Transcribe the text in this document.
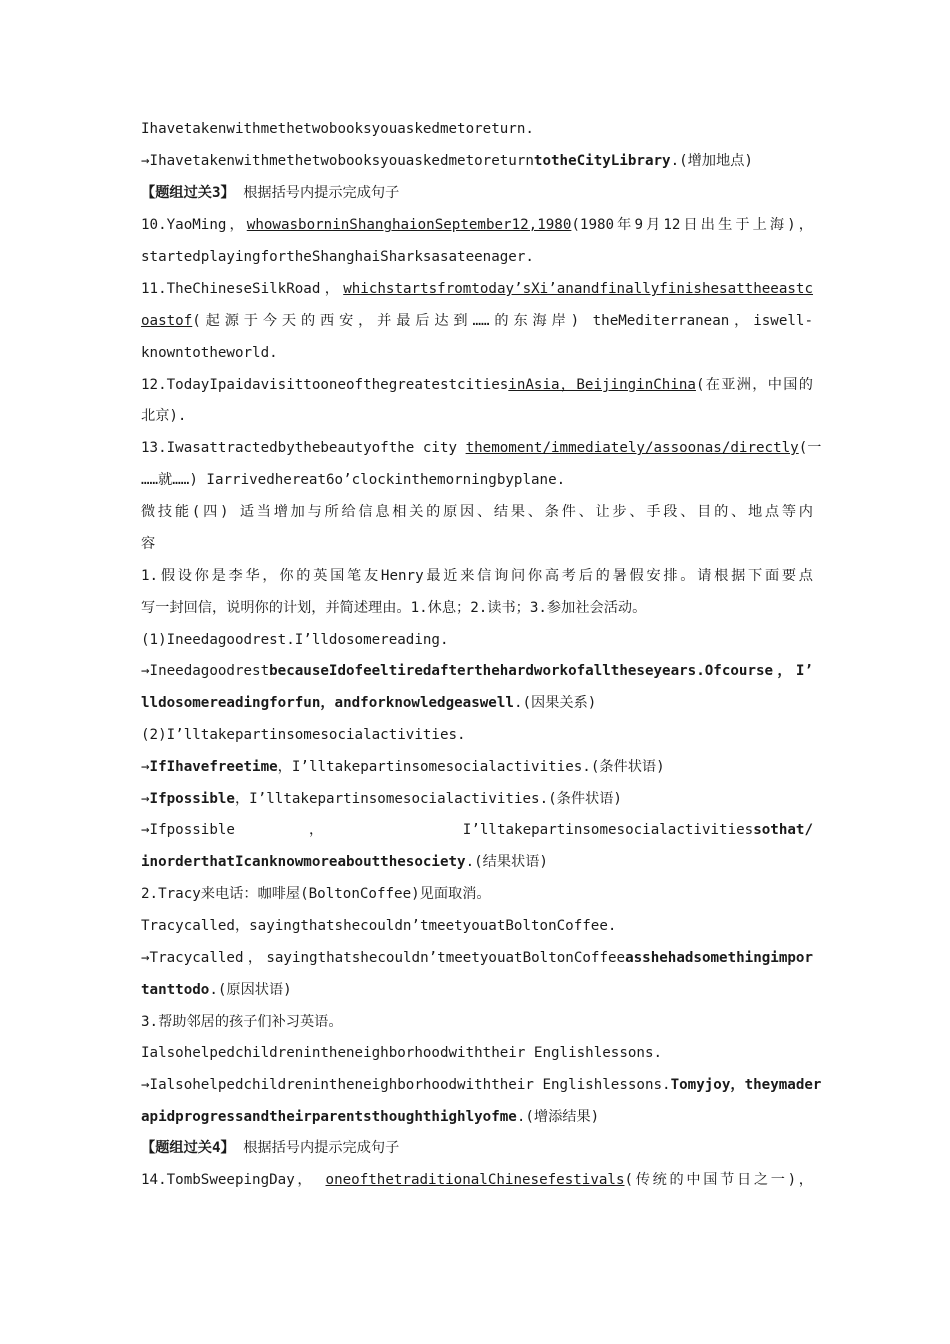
Ihavetakenwithmethetwobooksyouaskedmetoreturn.
→IhavetakenwithmethetwobooksyouaskedmetoreturntotheCityLibrary.(增加地点)
【题组过关3】 根据括号内提示完成句子
10.YaoMing，whowasborninShanghaionSeptember12,1980(1980年9月12日出生于上海)，
startedplayingfortheShanghaiSharksasateenager.
11.TheChineseSilkRoad，whichstartsfromtoday’sXi’anandfinallyfinishesattheeastc
oastof(起源于今天的西安，并最后达到……的东海岸) theMediterranean，iswell-
knowntotheworld.
12.TodayIpaidavisittooneofthegreatestcitiesinAsia，BeijinginChina(在亚洲，中国的
北京).
13.Iwasattractedbythebeautyofthe city themoment/immediately/assoonas/directly(一
……就……) Iarrivedhereat6o’clockinthemorningbyplane.
微技能(四) 适当增加与所给信息相关的原因、结果、条件、让步、手段、目的、地点等内
容
1.假设你是李华，你的英国笔友Henry最近来信询问你高考后的暑假安排。请根据下面要点
写一封回信，说明你的计划，并简述理由。1.休息；2.读书；3.参加社会活动。
(1)Ineedagoodrest.I’lldosomereading.
→IneedagoodrestbecauseIdofeeltiredafterthehardworkofalltheseyears.Ofcourse，I’
lldosomereadingforfun，andforknowledgeaswell.(因果关系)
(2)I’lltakepartinsomesocialactivities.
→IfIhavefreetime，I’lltakepartinsomesocialactivities.(条件状语)
→Ifpossible，I’lltakepartinsomesocialactivities.(条件状语)
→Ifpossible ， I’lltakepartinsomesocialactivitiessothat/
inorderthatIcanknowmoreaboutthesociety.(结果状语)
2.Tracy来电话：咖啡屋(BoltonCoffee)见面取消。
Tracycalled，sayingthatshecouldn’tmeetyouatBoltonCoffee.
→Tracycalled，sayingthatshecouldn’tmeetyouatBoltonCoffeeasshehadsomethingimpor
tanttodo.(原因状语)
3.帮助邻居的孩子们补习英语。
Ialsohelpedchildrenintheneighborhoodwiththeir Englishlessons.
→Ialsohelpedchildrenintheneighborhoodwiththeir Englishlessons.Tomyjoy，theymader
apidprogressandtheirparentsthoughthighlyofme.(增添结果)
【题组过关4】 根据括号内提示完成句子
14.TombSweepingDay， oneofthetraditionalChinesefestivals(传统的中国节日之一)，
